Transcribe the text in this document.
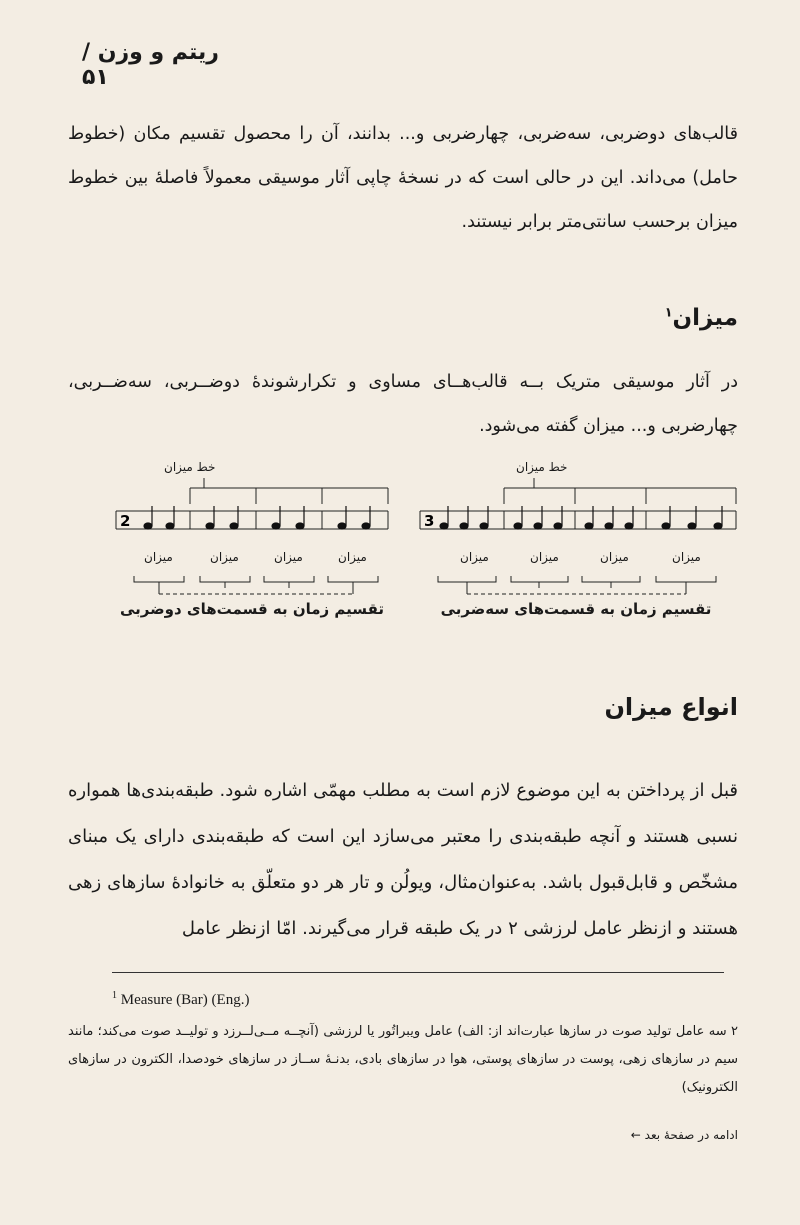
ریتم و وزن / ۵۱
قالب‌های دوضربی، سه‌ضربی، چهارضربی و... بدانند، آن را محصول تقسیم مکان (خطوط حامل) می‌داند. این در حالی است که در نسخهٔ چاپی آثار موسیقی معمولاً فاصلهٔ بین خطوط میزان برحسب سانتی‌متر برابر نیستند.
میزان$^۱$
در آثار موسیقی متریک بــه قالب‌هــای مساوی و تکرارشوندهٔ دوضــربی، سه‌ضــربی، چهارضربی و... میزان گفته می‌شود.
خط میزان
3
میزان	میزان	میزان	میزان
تقسیم زمان به قسمت‌های سه‌ضربی
خط میزان
2
میزان	میزان	میزان	میزان
تقسیم زمان به قسمت‌های دوضربی
انواع میزان
قبل از پرداختن به این موضوع لازم است به مطلب مهمّی اشاره شود. طبقه‌بندی‌ها همواره نسبی هستند و آنچه طبقه‌بندی را معتبر می‌سازد این است که طبقه‌بندی دارای یک مبنای مشخّص و قابل‌قبول باشد. به‌عنوان‌مثال، ویولُن و تار هر دو متعلّق به خانوادهٔ سازهای زهی هستند و ازنظر عامل لرزشی ۲ در یک طبقه قرار می‌گیرند. امّا ازنظر عامل
$^1$ Measure (Bar) (Eng.)
۲ سه عامل تولید صوت در سازها عبارت‌اند از: الف) عامل ویبراتُور یا لرزشی (آنچــه مــی‌لــرزد و تولیــد صوت می‌کند؛ مانند سیم در سازهای زهی، پوست در سازهای پوستی، هوا در سازهای بادی، بدنـهٔ ســاز در سازهای خودصدا، الکترون در سازهای الکترونیک)
ادامه در صفحهٔ بعد ←
